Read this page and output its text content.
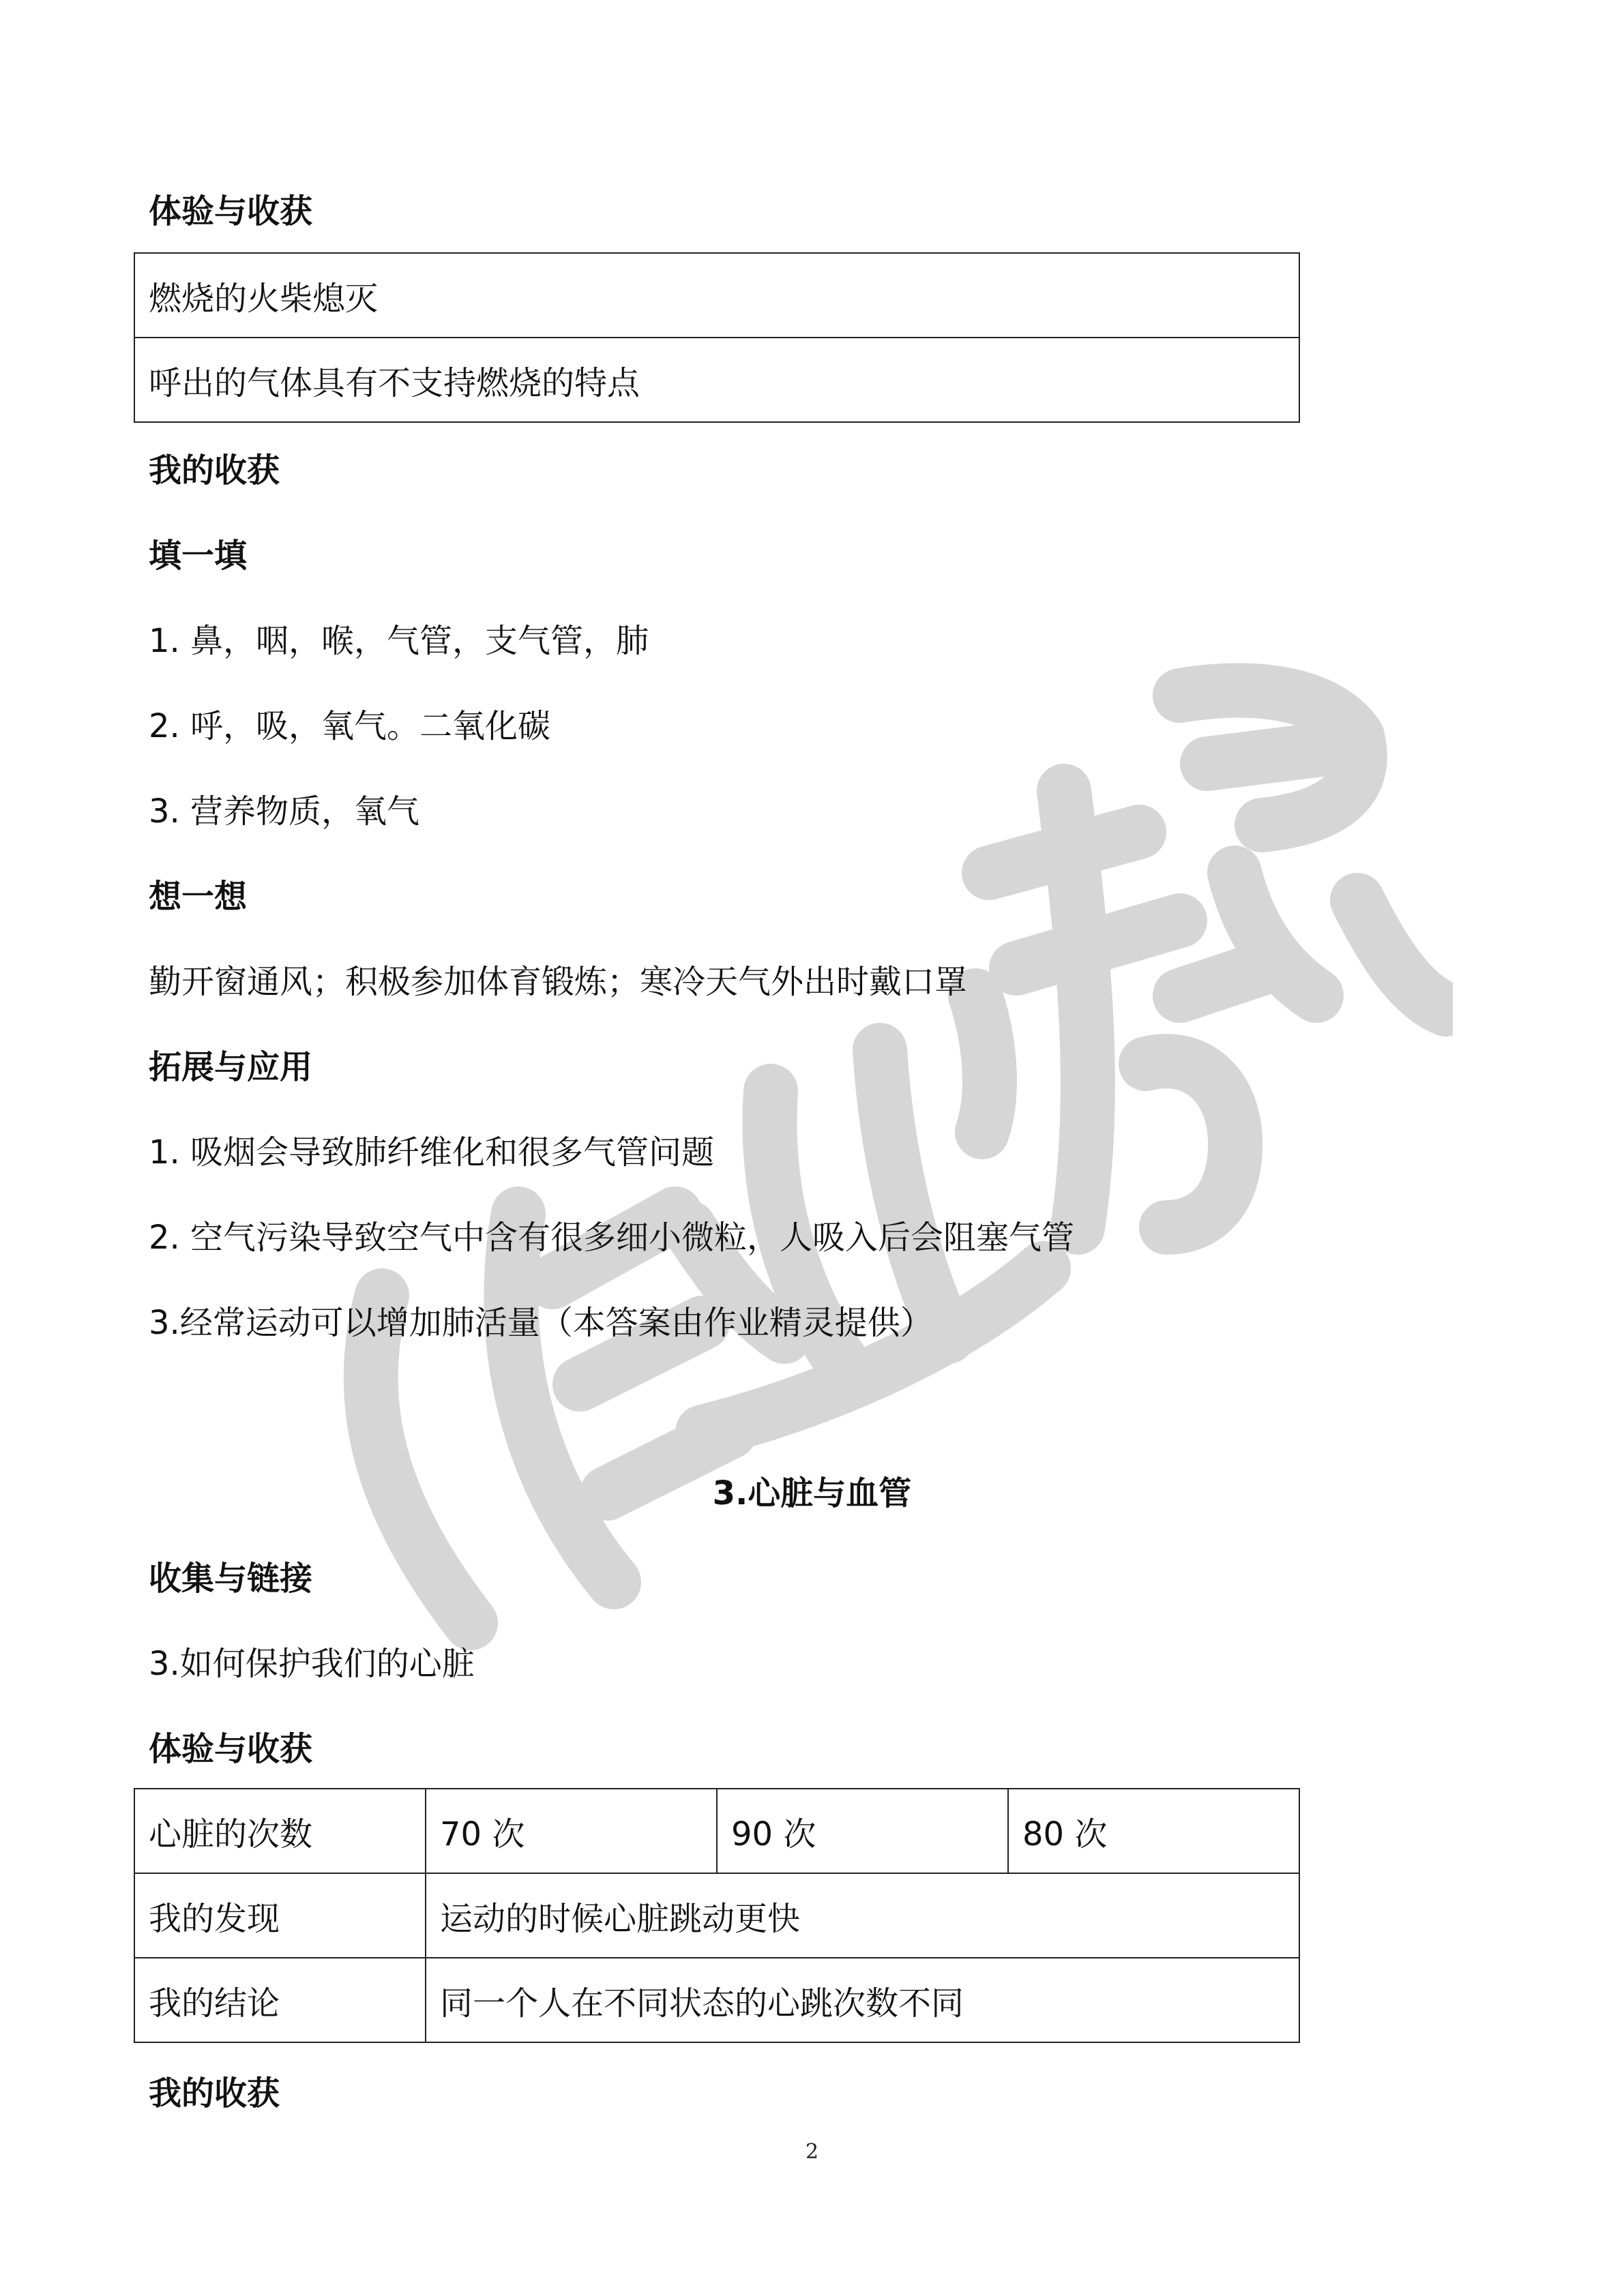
体验与收获
燃烧的火柴熄灭
呼出的气体具有不支持燃烧的特点
我的收获
填一填
1. 鼻，咽，喉，气管，支气管，肺
2. 呼，吸，氧气。二氧化碳
3. 营养物质，氧气
想一想
勤开窗通风；积极参加体育锻炼；寒冷天气外出时戴口罩
拓展与应用
1. 吸烟会导致肺纤维化和很多气管问题
2. 空气污染导致空气中含有很多细小微粒，人吸入后会阻塞气管
3.经常运动可以增加肺活量（本答案由作业精灵提供）
3.心脏与血管
收集与链接
3.如何保护我们的心脏
体验与收获
心脏的次数	70 次	90 次	80 次
我的发现	运动的时候心脏跳动更快		
我的结论	同一个人在不同状态的心跳次数不同		
我的收获
2
